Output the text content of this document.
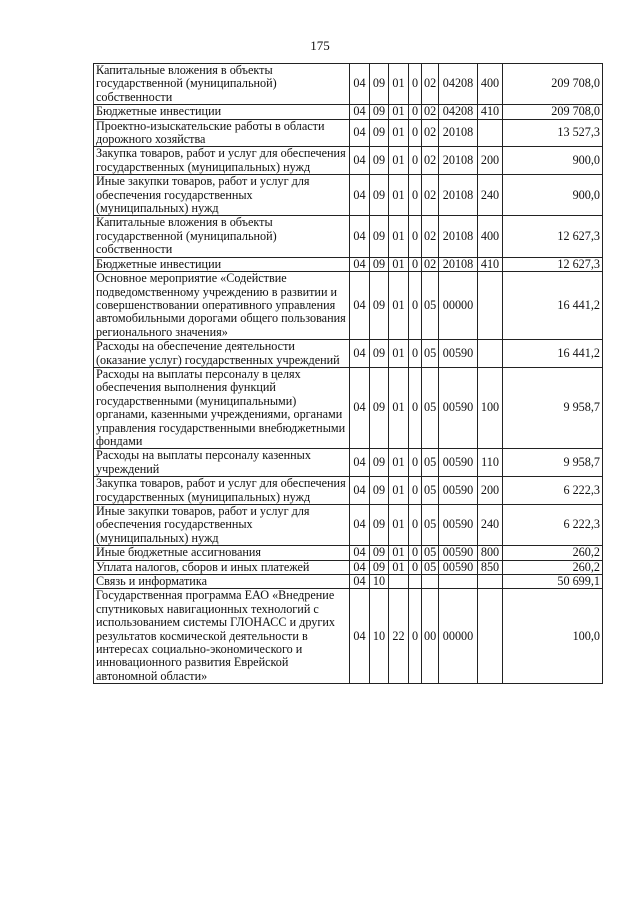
175
Капитальные вложения в объекты государственной (муниципальной) собственности	04	09	01	0	02	04208	400	209 708,0
Бюджетные инвестиции	04	09	01	0	02	04208	410	209 708,0
Проектно-изыскательские работы в области дорожного хозяйства	04	09	01	0	02	20108		13 527,3
Закупка товаров, работ и услуг для обеспечения государственных (муниципальных) нужд	04	09	01	0	02	20108	200	900,0
Иные закупки товаров, работ и услуг для обеспечения государственных (муниципальных) нужд	04	09	01	0	02	20108	240	900,0
Капитальные вложения в объекты государственной (муниципальной) собственности	04	09	01	0	02	20108	400	12 627,3
Бюджетные инвестиции	04	09	01	0	02	20108	410	12 627,3
Основное мероприятие «Содействие подведомственному учреждению в развитии и совершенствовании оперативного управления автомобильными дорогами общего пользования регионального значения»	04	09	01	0	05	00000		16 441,2
Расходы на обеспечение деятельности (оказание услуг) государственных учреждений	04	09	01	0	05	00590		16 441,2
Расходы на выплаты персоналу в целях обеспечения выполнения функций государственными (муниципальными) органами, казенными учреждениями, органами управления государственными внебюджетными фондами	04	09	01	0	05	00590	100	9 958,7
Расходы на выплаты персоналу казенных учреждений	04	09	01	0	05	00590	110	9 958,7
Закупка товаров, работ и услуг для обеспечения государственных (муниципальных) нужд	04	09	01	0	05	00590	200	6 222,3
Иные закупки товаров, работ и услуг для обеспечения государственных (муниципальных) нужд	04	09	01	0	05	00590	240	6 222,3
Иные бюджетные ассигнования	04	09	01	0	05	00590	800	260,2
Уплата налогов, сборов и иных платежей	04	09	01	0	05	00590	850	260,2
Связь и информатика	04	10						50 699,1
Государственная программа ЕАО «Внедрение спутниковых навигационных технологий с использованием системы ГЛОНАСС и других результатов космической деятельности в интересах социально-экономического и инновационного развития Еврейской автономной области»	04	10	22	0	00	00000		100,0
